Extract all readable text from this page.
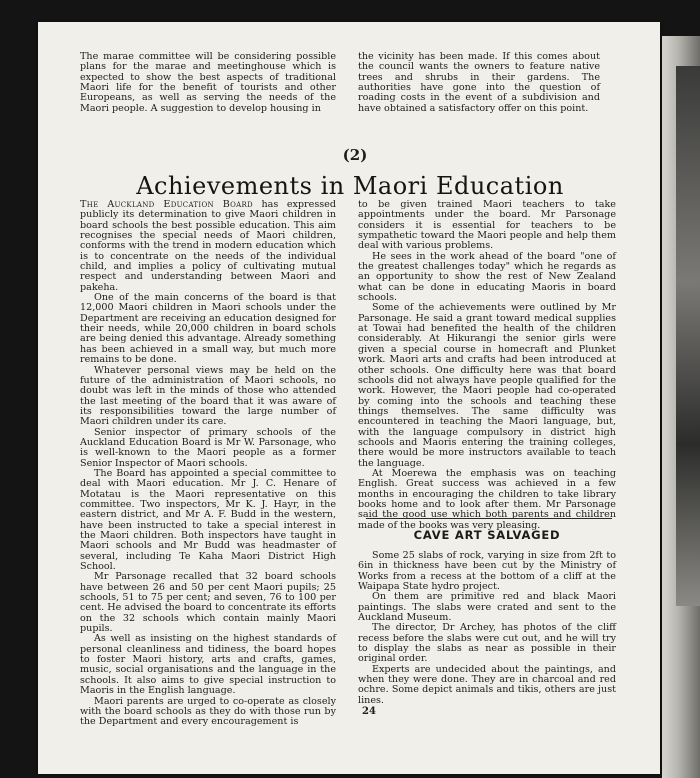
The marae committee will be considering possible plans for the marae and meetinghouse which is expected to show the best aspects of traditional Maori life for the benefit of tourists and other Europeans, as well as serving the needs of the Maori people. A suggestion to develop housing in

the vicinity has been made. If this comes about the council wants the owners to feature native trees and shrubs in their gardens. The authorities have gone into the question of roading costs in the event of a subdivision and have obtained a satisfactory offer on this point.

(2)
Achievements in Maori Education

The Auckland Education Board has expressed publicly its determination to give Maori children in board schools the best possible education. This aim recognises the special needs of Maori children, conforms with the trend in modern education which is to concentrate on the needs of the individual child, and implies a policy of cultivating mutual respect and understanding between Maori and pakeha.

One of the main concerns of the board is that 12,000 Maori children in Maori schools under the Department are receiving an education designed for their needs, while 20,000 children in board schols are being denied this advantage. Already something has been achieved in a small way, but much more remains to be done.

Whatever personal views may be held on the future of the administration of Maori schools, no doubt was left in the minds of those who attended the last meeting of the board that it was aware of its responsibilities toward the large number of Maori children under its care.

Senior inspector of primary schools of the Auckland Education Board is Mr W. Parsonage, who is well-known to the Maori people as a former Senior Inspector of Maori schools.

The Board has appointed a special committee to deal with Maori education. Mr J. C. Henare of Motatau is the Maori representative on this committee. Two inspectors, Mr K. J. Hayr, in the eastern district, and Mr A. F. Budd in the western, have been instructed to take a special interest in the Maori children. Both inspectors have taught in Maori schools and Mr Budd was headmaster of several, including Te Kaha Maori District High School.

Mr Parsonage recalled that 32 board schools have between 26 and 50 per cent Maori pupils; 25 schools, 51 to 75 per cent; and seven, 76 to 100 per cent. He advised the board to concentrate its efforts on the 32 schools which contain mainly Maori pupils.

As well as insisting on the highest standards of personal cleanliness and tidiness, the board hopes to foster Maori history, arts and crafts, games, music, social organisations and the language in the schools. It also aims to give special instruction to Maoris in the English language.

Maori parents are urged to co-operate as closely with the board schools as they do with those run by the Department and every encouragement is

to be given trained Maori teachers to take appointments under the board. Mr Parsonage considers it is essential for teachers to be sympathetic toward the Maori people and help them deal with various problems.

He sees in the work ahead of the board "one of the greatest challenges today" which he regards as an opportunity to show the rest of New Zealand what can be done in educating Maoris in board schools.

Some of the achievements were outlined by Mr Parsonage. He said a grant toward medical supplies at Towai had benefited the health of the children considerably. At Hikurangi the senior girls were given a special course in homecraft and Plunket work. Maori arts and crafts had been introduced at other schools. One difficulty here was that board schools did not always have people qualified for the work. However, the Maori people had co-operated by coming into the schools and teaching these things themselves. The same difficulty was encountered in teaching the Maori language, but, with the language compulsory in district high schools and Maoris entering the training colleges, there would be more instructors available to teach the language.

At Moerewa the emphasis was on teaching English. Great success was achieved in a few months in encouraging the children to take library books home and to look after them. Mr Parsonage said the good use which both parents and children made of the books was very pleasing.

CAVE ART SALVAGED

Some 25 slabs of rock, varying in size from 2ft to 6in in thickness have been cut by the Ministry of Works from a recess at the bottom of a cliff at the Waipapa State hydro project.

On them are primitive red and black Maori paintings. The slabs were crated and sent to the Auckland Museum.

The director, Dr Archey, has photos of the cliff recess before the slabs were cut out, and he will try to display the slabs as near as possible in their original order.

Experts are undecided about the paintings, and when they were done. They are in charcoal and red ochre. Some depict animals and tikis, others are just lines.

24
